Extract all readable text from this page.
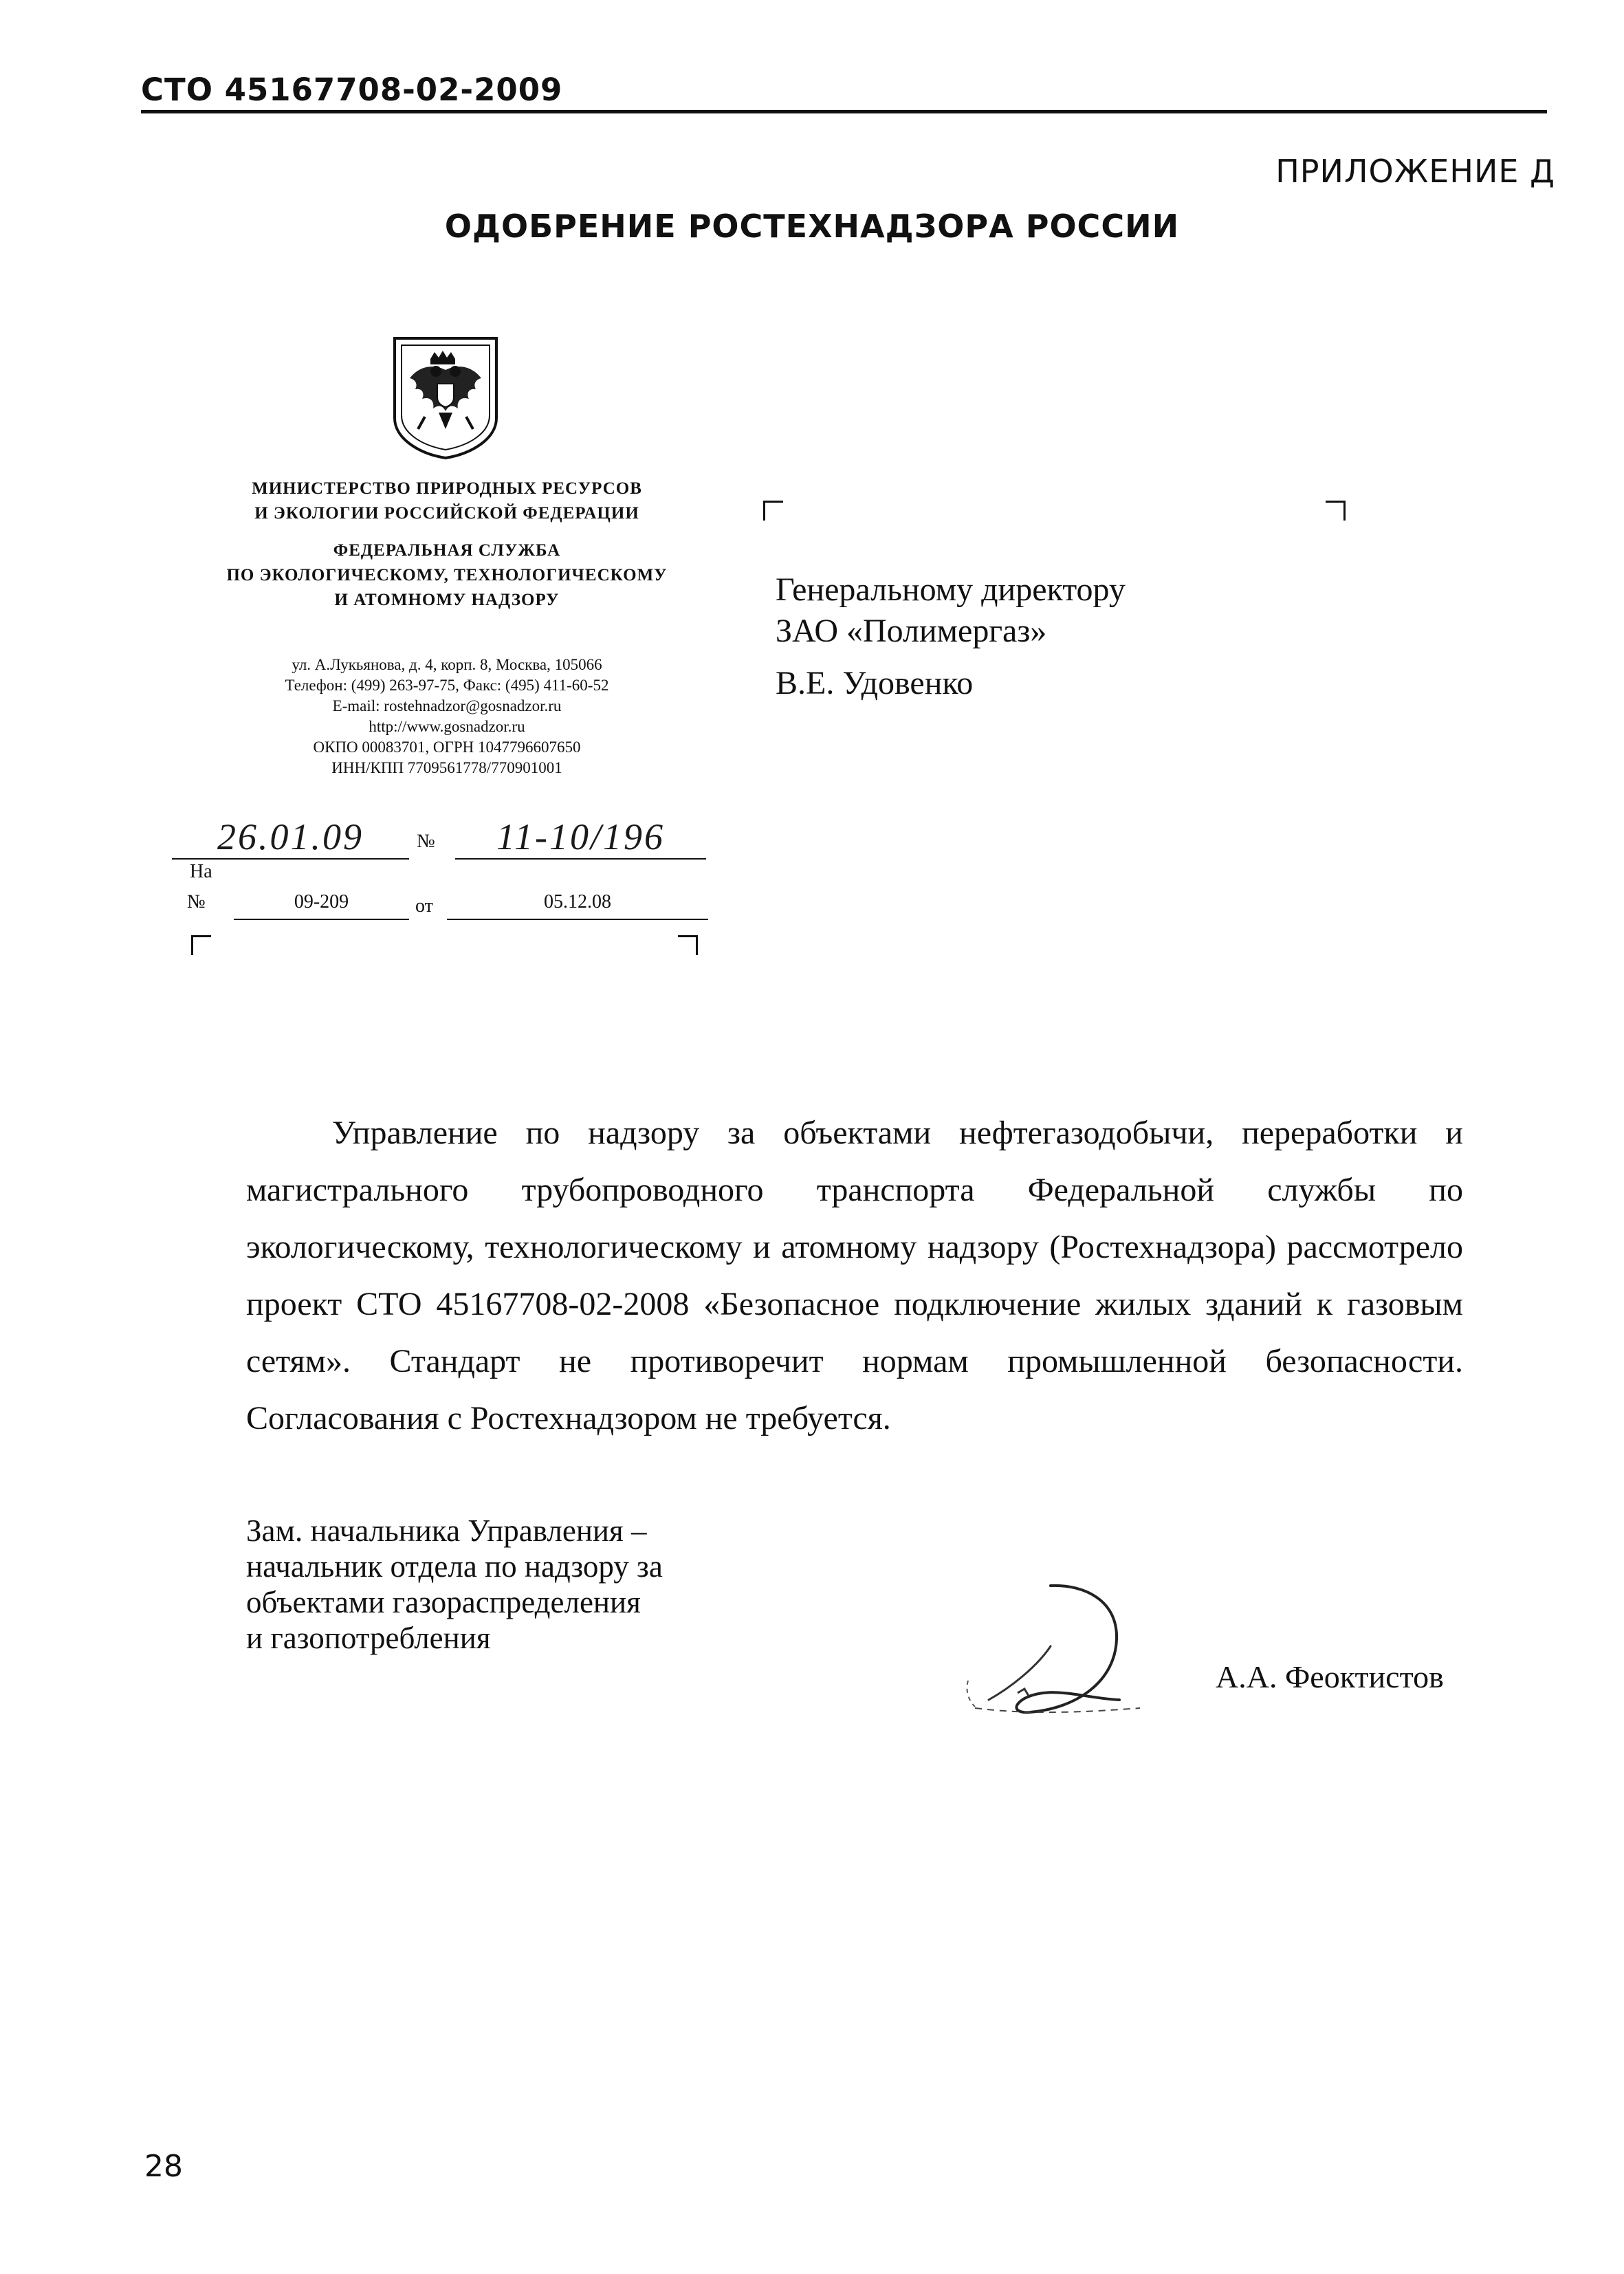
СТО 45167708-02-2009
ПРИЛОЖЕНИЕ Д
ОДОБРЕНИЕ РОСТЕХНАДЗОРА РОССИИ
МИНИСТЕРСТВО ПРИРОДНЫХ РЕСУРСОВ
И ЭКОЛОГИИ РОССИЙСКОЙ ФЕДЕРАЦИИ
ФЕДЕРАЛЬНАЯ СЛУЖБА
ПО ЭКОЛОГИЧЕСКОМУ, ТЕХНОЛОГИЧЕСКОМУ
И АТОМНОМУ НАДЗОРУ
ул. А.Лукьянова, д. 4, корп. 8, Москва, 105066
Телефон: (499) 263-97-75, Факс: (495) 411-60-52
E-mail: rostehnadzor@gosnadzor.ru
http://www.gosnadzor.ru
ОКПО 00083701, ОГРН 1047796607650
ИНН/КПП 7709561778/770901001
26.01.09	№	11-10/196
На
№	09-209	от	05.12.08
Генеральному директору
ЗАО «Полимергаз»
В.Е. Удовенко
Управление по надзору за объектами нефтегазодобычи, переработки и магистрального трубопроводного транспорта Федеральной службы по экологическому, технологическому и атомному надзору (Ростехнадзора) рассмотрело проект СТО 45167708-02-2008 «Безопасное подключение жилых зданий к газовым сетям». Стандарт не противоречит нормам промышленной безопасности. Согласования с Ростехнадзором не требуется.
Зам. начальника Управления –
начальник отдела по надзору за
объектами газораспределения
и газопотребления
А.А. Феоктистов
28
